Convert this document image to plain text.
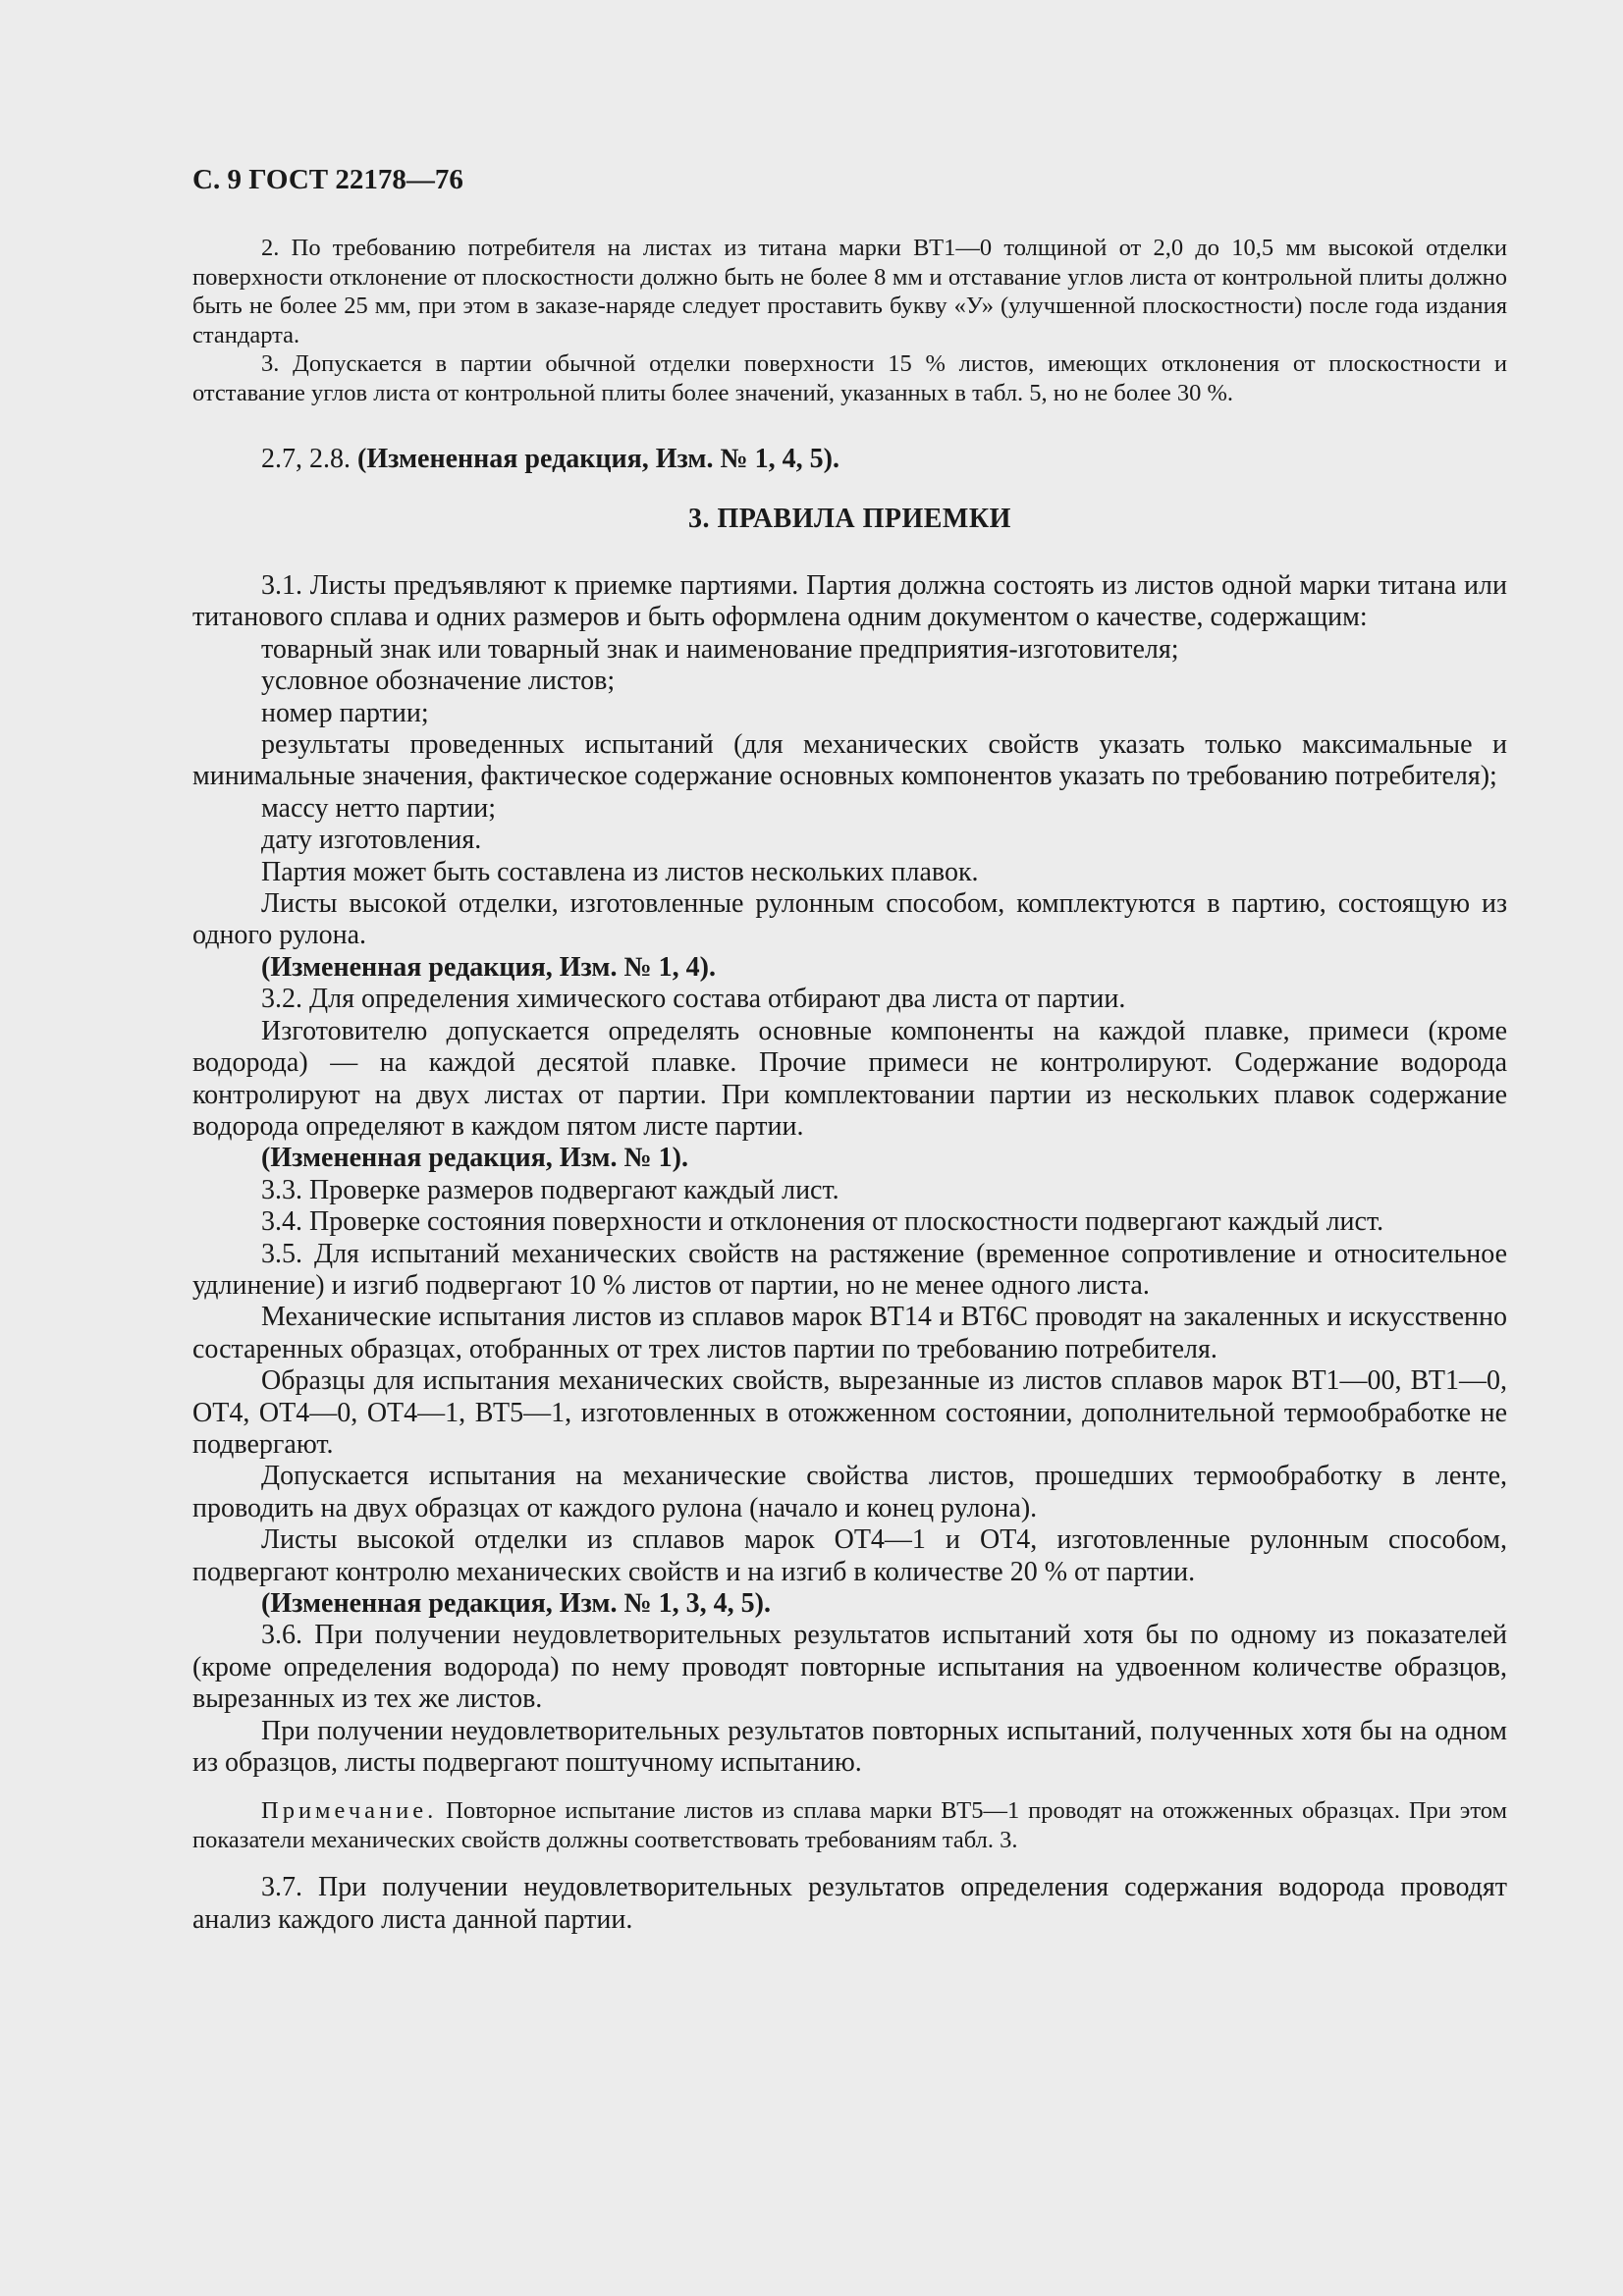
С. 9 ГОСТ 22178—76

2. По требованию потребителя на листах из титана марки ВТ1—0 толщиной от 2,0 до 10,5 мм высокой отделки поверхности отклонение от плоскостности должно быть не более 8 мм и отставание углов листа от контрольной плиты должно быть не более 25 мм, при этом в заказе-наряде следует проставить букву «У» (улучшенной плоскостности) после года издания стандарта.

3. Допускается в партии обычной отделки поверхности 15 % листов, имеющих отклонения от плоскостности и отставание углов листа от контрольной плиты более значений, указанных в табл. 5, но не более 30 %.

2.7, 2.8. (Измененная редакция, Изм. № 1, 4, 5).

3. ПРАВИЛА ПРИЕМКИ

3.1. Листы предъявляют к приемке партиями. Партия должна состоять из листов одной марки титана или титанового сплава и одних размеров и быть оформлена одним документом о качестве, содержащим:

товарный знак или товарный знак и наименование предприятия-изготовителя;

условное обозначение листов;

номер партии;

результаты проведенных испытаний (для механических свойств указать только максимальные и минимальные значения, фактическое содержание основных компонентов указать по требованию потребителя);

массу нетто партии;

дату изготовления.

Партия может быть составлена из листов нескольких плавок.

Листы высокой отделки, изготовленные рулонным способом, комплектуются в партию, состоящую из одного рулона.

(Измененная редакция, Изм. № 1, 4).

3.2. Для определения химического состава отбирают два листа от партии.

Изготовителю допускается определять основные компоненты на каждой плавке, примеси (кроме водорода) — на каждой десятой плавке. Прочие примеси не контролируют. Содержание водорода контролируют на двух листах от партии. При комплектовании партии из нескольких плавок содержание водорода определяют в каждом пятом листе партии.

(Измененная редакция, Изм. № 1).

3.3. Проверке размеров подвергают каждый лист.

3.4. Проверке состояния поверхности и отклонения от плоскостности подвергают каждый лист.

3.5. Для испытаний механических свойств на растяжение (временное сопротивление и относительное удлинение) и изгиб подвергают 10 % листов от партии, но не менее одного листа.

Механические испытания листов из сплавов марок ВТ14 и ВТ6С проводят на закаленных и искусственно состаренных образцах, отобранных от трех листов партии по требованию потребителя.

Образцы для испытания механических свойств, вырезанные из листов сплавов марок ВТ1—00, ВТ1—0, ОТ4, ОТ4—0, ОТ4—1, ВТ5—1, изготовленных в отожженном состоянии, дополнительной термообработке не подвергают.

Допускается испытания на механические свойства листов, прошедших термообработку в ленте, проводить на двух образцах от каждого рулона (начало и конец рулона).

Листы высокой отделки из сплавов марок ОТ4—1 и ОТ4, изготовленные рулонным способом, подвергают контролю механических свойств и на изгиб в количестве 20 % от партии.

(Измененная редакция, Изм. № 1, 3, 4, 5).

3.6. При получении неудовлетворительных результатов испытаний хотя бы по одному из показателей (кроме определения водорода) по нему проводят повторные испытания на удвоенном количестве образцов, вырезанных из тех же листов.

При получении неудовлетворительных результатов повторных испытаний, полученных хотя бы на одном из образцов, листы подвергают поштучному испытанию.

Примечание. Повторное испытание листов из сплава марки ВТ5—1 проводят на отожженных образцах. При этом показатели механических свойств должны соответствовать требованиям табл. 3.

3.7. При получении неудовлетворительных результатов определения содержания водорода проводят анализ каждого листа данной партии.
